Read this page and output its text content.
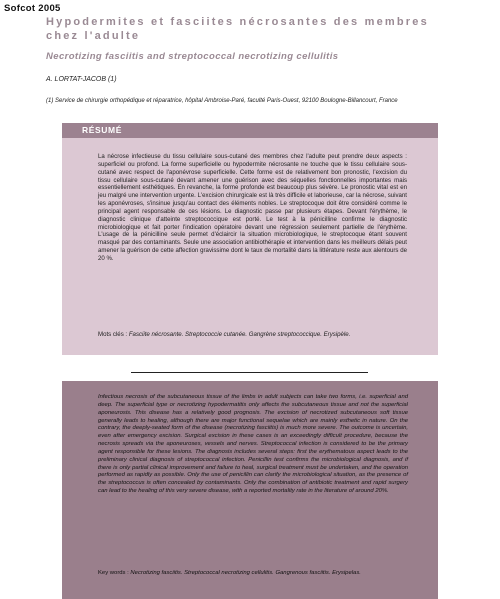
Sofcot 2005
Hypodermites et fasciites nécrosantes des membres chez l'adulte
Necrotizing fasciitis and streptococcal necrotizing cellulitis
A. LORTAT-JACOB (1)
(1) Service de chirurgie orthopédique et réparatrice, hôpital Ambroise-Paré, faculté Paris-Ouest, 92100 Boulogne-Billancourt, France
RÉSUMÉ
La nécrose infectieuse du tissu cellulaire sous-cutané des membres chez l'adulte peut prendre deux aspects : superficiel ou profond. La forme superficielle ou hypodermite nécrosante ne touche que le tissu cellulaire sous-cutané avec respect de l'aponévrose superficielle. Cette forme est de relativement bon pronostic, l'excision du tissu cellulaire sous-cutané devant amener une guérison avec des séquelles fonctionnelles importantes mais essentiellement esthétiques. En revanche, la forme profonde est beaucoup plus sévère. Le pronostic vital est en jeu malgré une intervention urgente. L'excision chirurgicale est là très difficile et laborieuse, car la nécrose, suivant les aponévroses, s'insinue jusqu'au contact des éléments nobles. Le streptocoque doit être considéré comme le principal agent responsable de ces lésions. Le diagnostic passe par plusieurs étapes. Devant l'érythème, le diagnostic clinique d'atteinte streptococcique est porté. Le test à la pénicilline confirme le diagnostic microbiologique et fait porter l'indication opératoire devant une régression seulement partielle de l'érythème. L'usage de la pénicilline seule permet d'éclaircir la situation microbiologique, le streptocoque étant souvent masqué par des contaminants. Seule une association antibiothérapie et intervention dans les meilleurs délais peut amener la guérison de cette affection gravissime dont le taux de mortalité dans la littérature reste aux alentours de 20 %.
Mots clés : Fasciite nécrosante. Streptococcie cutanée. Gangrène streptococcique. Erysipèle.
Infectious necrosis of the subcutaneous tissue of the limbs in adult subjects can take two forms, i.e. superficial and deep. The superficial type or necrotizing hypodermatitis only affects the subcutaneous tissue and not the superficial aponeurosis. This disease has a relatively good prognosis. The excision of necrotized subcutaneous soft tissue generally leads to healing, although there are major functional sequelae which are mainly esthetic in nature. On the contrary, the deeply-seated form of the disease (necrotizing fasciitis) is much more severe. The outcome is uncertain, even after emergency excision. Surgical excision in these cases is an exceedingly difficult procedure, because the necrosis spreads via the aponeuroses, vessels and nerves. Streptococcal infection is considered to be the primary agent responsible for these lesions. The diagnosis includes several steps: first the erythematous aspect leads to the preliminary clinical diagnosis of streptococcal infection. Penicillin test confirms the microbiological diagnosis, and if there is only partial clinical improvement and failure to heal, surgical treatment must be undertaken, and the operation performed as rapidly as possible. Only the use of penicillin can clarify the microbiological situation, as the presence of the streptococcus is often concealed by contaminants. Only the combination of antibiotic treatment and rapid surgery can lead to the healing of this very severe disease, with a reported mortality rate in the literature of around 20%.
Key words : Necrotizing fasciitis. Streptococcal necrotizing cellulitis. Gangrenous fasciitis. Erysipelas.
